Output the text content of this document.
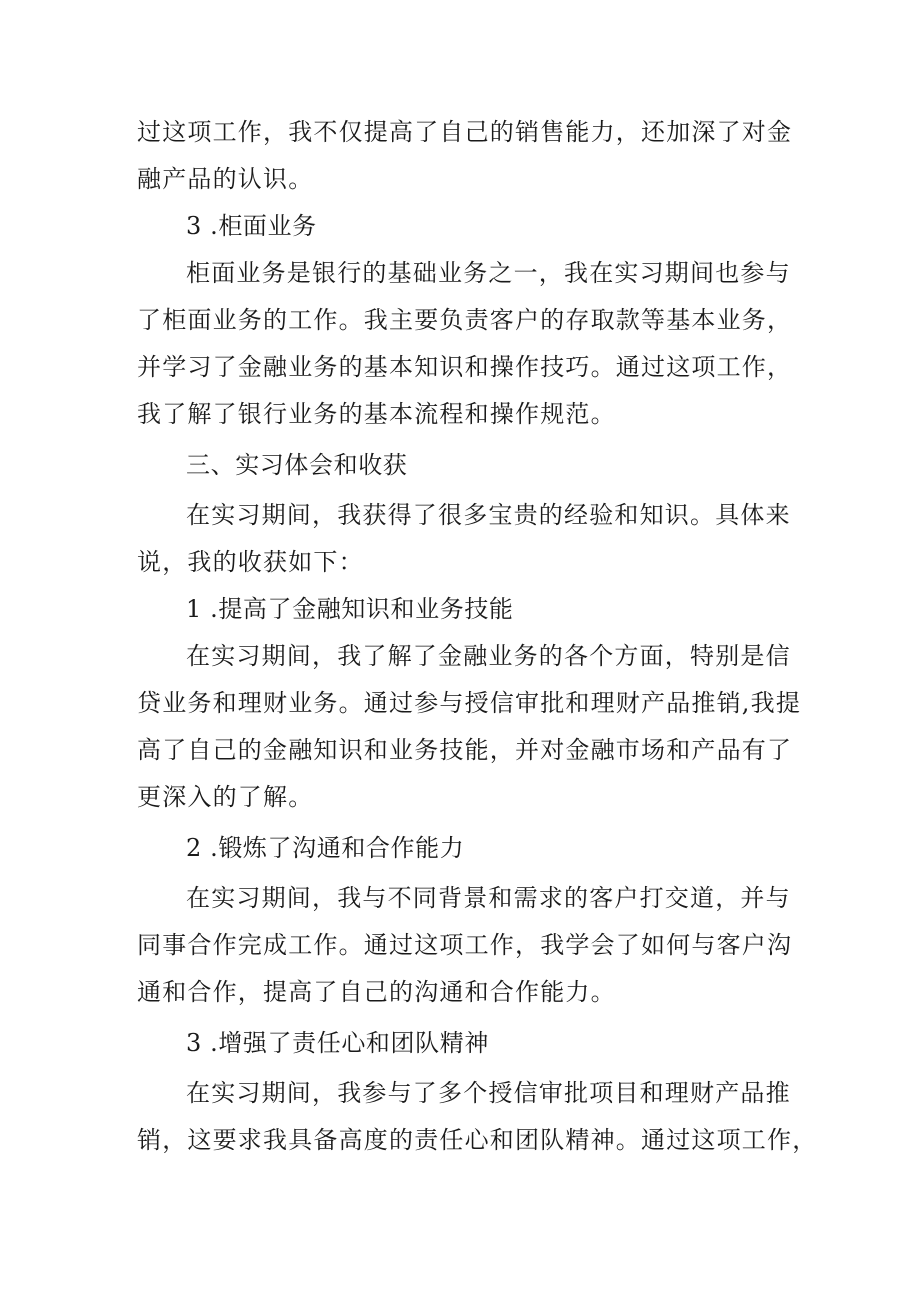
过这项工作，我不仅提高了自己的销售能力，还加深了对金
融产品的认识。
3 .柜面业务
柜面业务是银行的基础业务之一，我在实习期间也参与
了柜面业务的工作。我主要负责客户的存取款等基本业务，
并学习了金融业务的基本知识和操作技巧。通过这项工作，
我了解了银行业务的基本流程和操作规范。
三、实习体会和收获
在实习期间，我获得了很多宝贵的经验和知识。具体来
说，我的收获如下：
1 .提高了金融知识和业务技能
在实习期间，我了解了金融业务的各个方面，特别是信
贷业务和理财业务。通过参与授信审批和理财产品推销,我提
高了自己的金融知识和业务技能，并对金融市场和产品有了
更深入的了解。
2 .锻炼了沟通和合作能力
在实习期间，我与不同背景和需求的客户打交道，并与
同事合作完成工作。通过这项工作，我学会了如何与客户沟
通和合作，提高了自己的沟通和合作能力。
3 .增强了责任心和团队精神
在实习期间，我参与了多个授信审批项目和理财产品推
销，这要求我具备高度的责任心和团队精神。通过这项工作，
